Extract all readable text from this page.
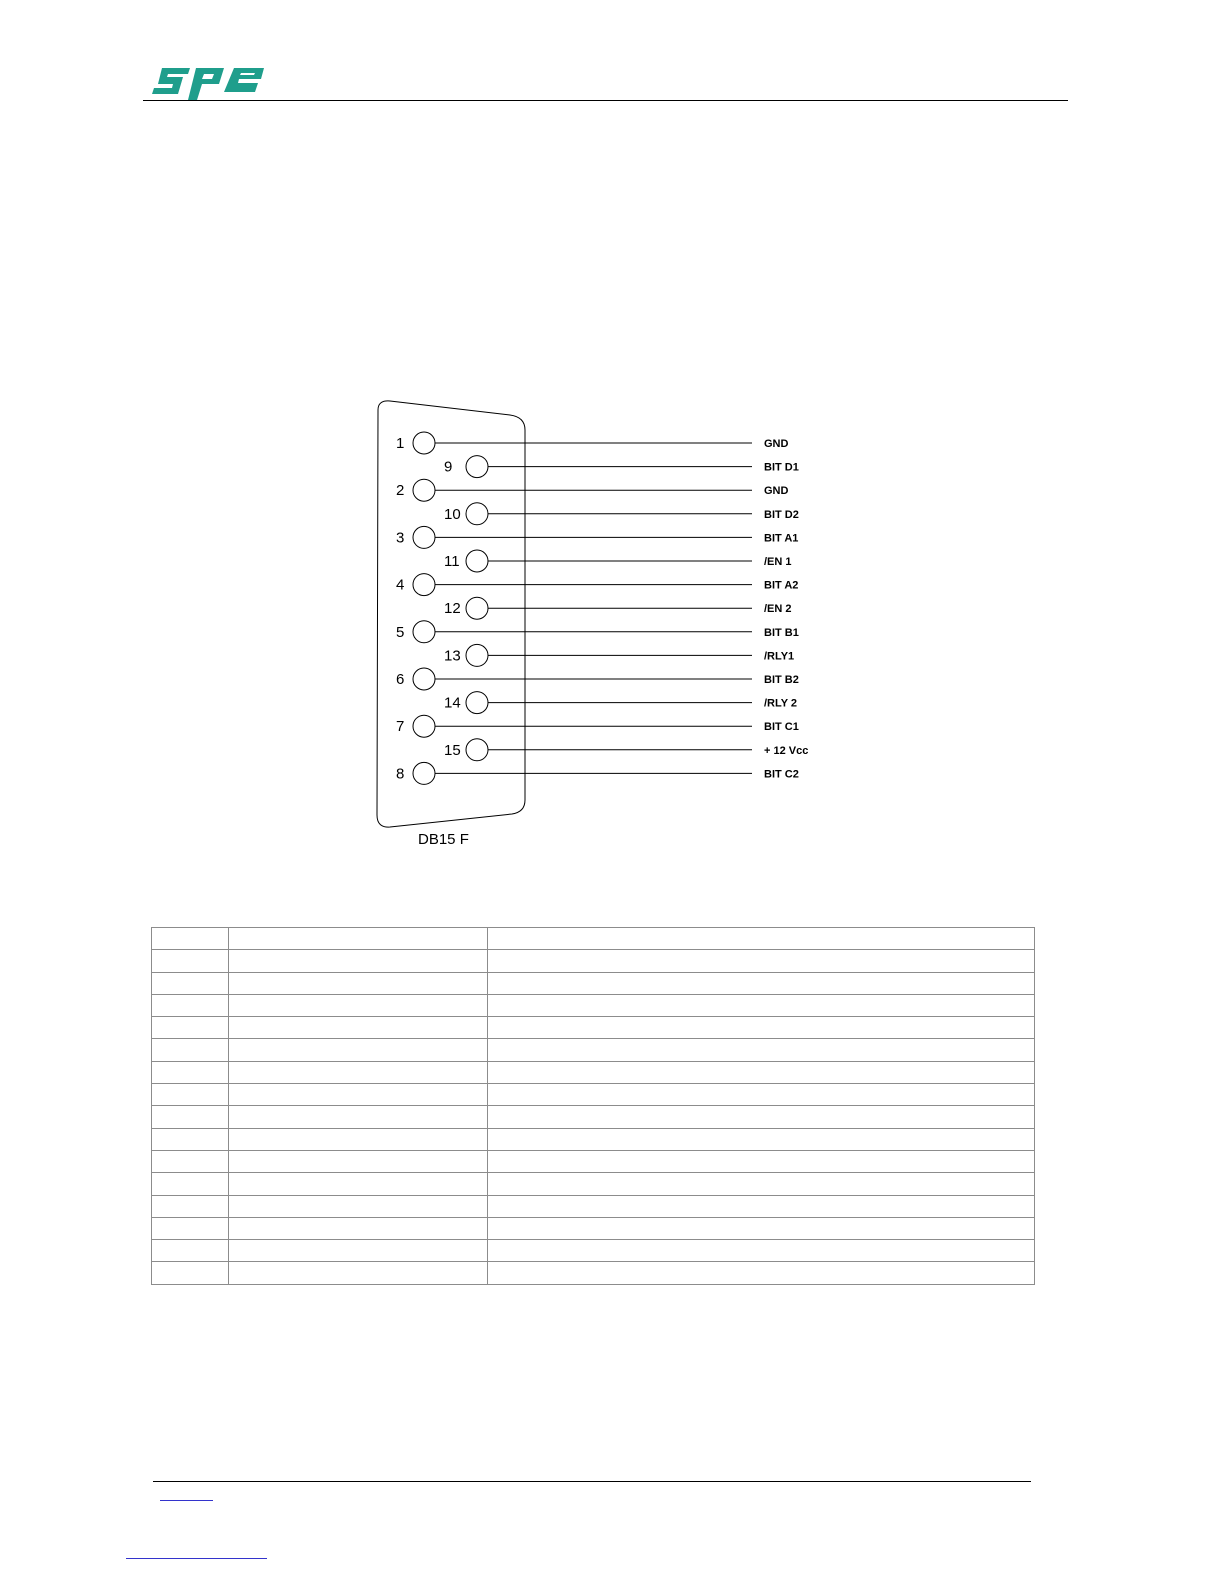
1	GND
2	GND
3	BIT A1
4	BIT A2
5	BIT B1
6	BIT B2
7	BIT C1
8	BIT C2
9	BIT D1
10	BIT D2
11	/EN 1
12	/EN 2
13	/RLY1
14	/RLY 2
15	+ 12 Vcc
DB15 F
